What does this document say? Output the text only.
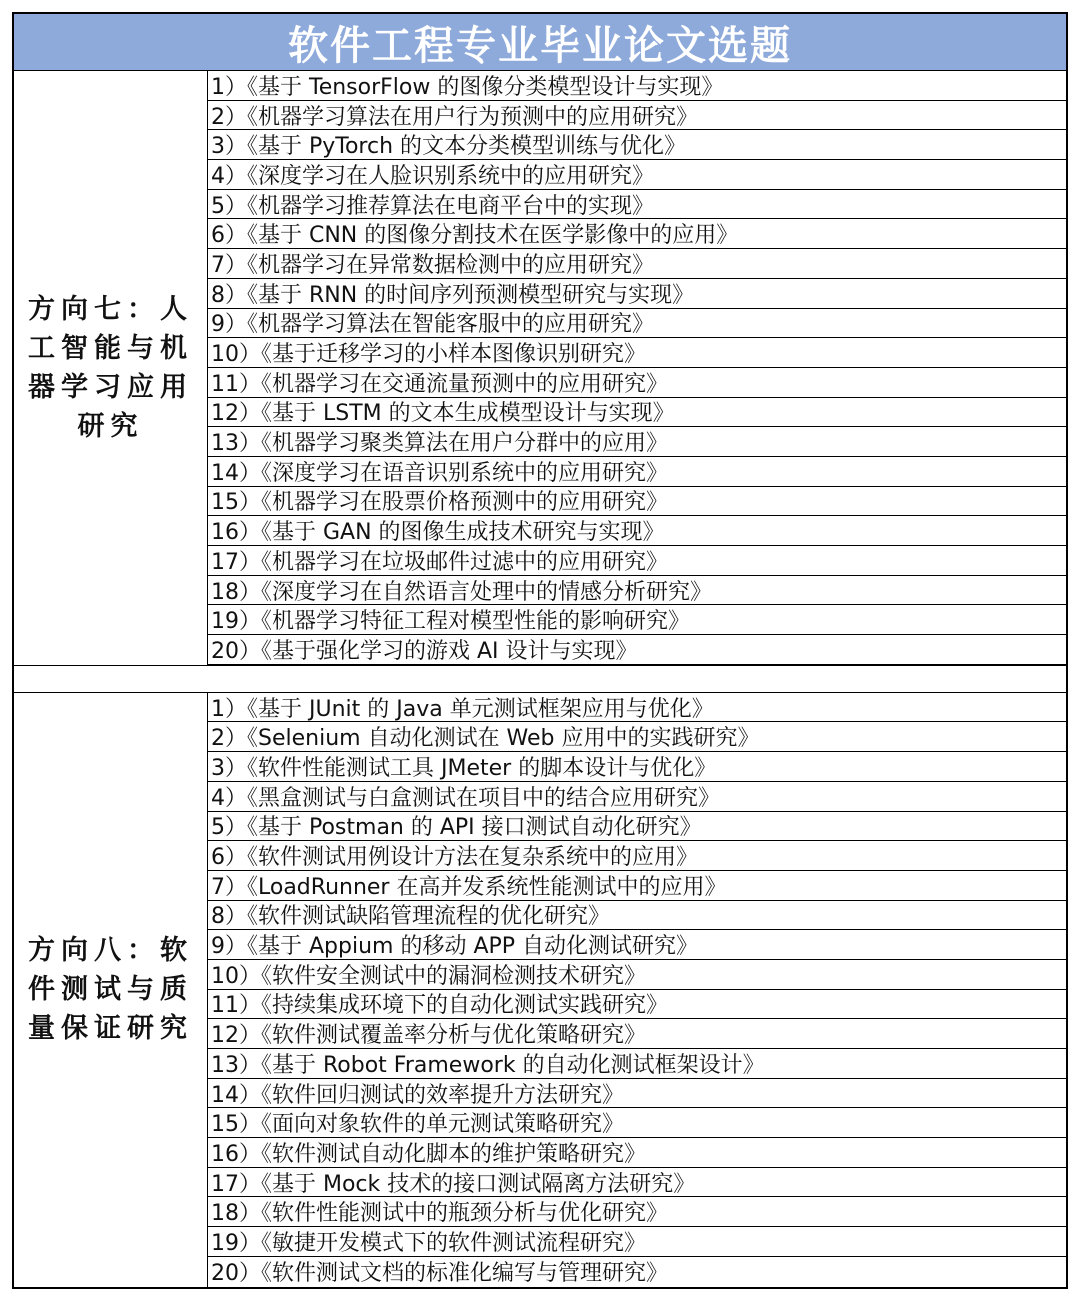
软件工程专业毕业论文选题
方向七：人工智能与机器学习应用研究
1）《基于 TensorFlow 的图像分类模型设计与实现》
2）《机器学习算法在用户行为预测中的应用研究》
3）《基于 PyTorch 的文本分类模型训练与优化》
4）《深度学习在人脸识别系统中的应用研究》
5）《机器学习推荐算法在电商平台中的实现》
6）《基于 CNN 的图像分割技术在医学影像中的应用》
7）《机器学习在异常数据检测中的应用研究》
8）《基于 RNN 的时间序列预测模型研究与实现》
9）《机器学习算法在智能客服中的应用研究》
10）《基于迁移学习的小样本图像识别研究》
11）《机器学习在交通流量预测中的应用研究》
12）《基于 LSTM 的文本生成模型设计与实现》
13）《机器学习聚类算法在用户分群中的应用》
14）《深度学习在语音识别系统中的应用研究》
15）《机器学习在股票价格预测中的应用研究》
16）《基于 GAN 的图像生成技术研究与实现》
17）《机器学习在垃圾邮件过滤中的应用研究》
18）《深度学习在自然语言处理中的情感分析研究》
19）《机器学习特征工程对模型性能的影响研究》
20）《基于强化学习的游戏 AI 设计与实现》
方向八：软件测试与质量保证研究
1）《基于 JUnit 的 Java 单元测试框架应用与优化》
2）《Selenium 自动化测试在 Web 应用中的实践研究》
3）《软件性能测试工具 JMeter 的脚本设计与优化》
4）《黑盒测试与白盒测试在项目中的结合应用研究》
5）《基于 Postman 的 API 接口测试自动化研究》
6）《软件测试用例设计方法在复杂系统中的应用》
7）《LoadRunner 在高并发系统性能测试中的应用》
8）《软件测试缺陷管理流程的优化研究》
9）《基于 Appium 的移动 APP 自动化测试研究》
10）《软件安全测试中的漏洞检测技术研究》
11）《持续集成环境下的自动化测试实践研究》
12）《软件测试覆盖率分析与优化策略研究》
13）《基于 Robot Framework 的自动化测试框架设计》
14）《软件回归测试的效率提升方法研究》
15）《面向对象软件的单元测试策略研究》
16）《软件测试自动化脚本的维护策略研究》
17）《基于 Mock 技术的接口测试隔离方法研究》
18）《软件性能测试中的瓶颈分析与优化研究》
19）《敏捷开发模式下的软件测试流程研究》
20）《软件测试文档的标准化编写与管理研究》
